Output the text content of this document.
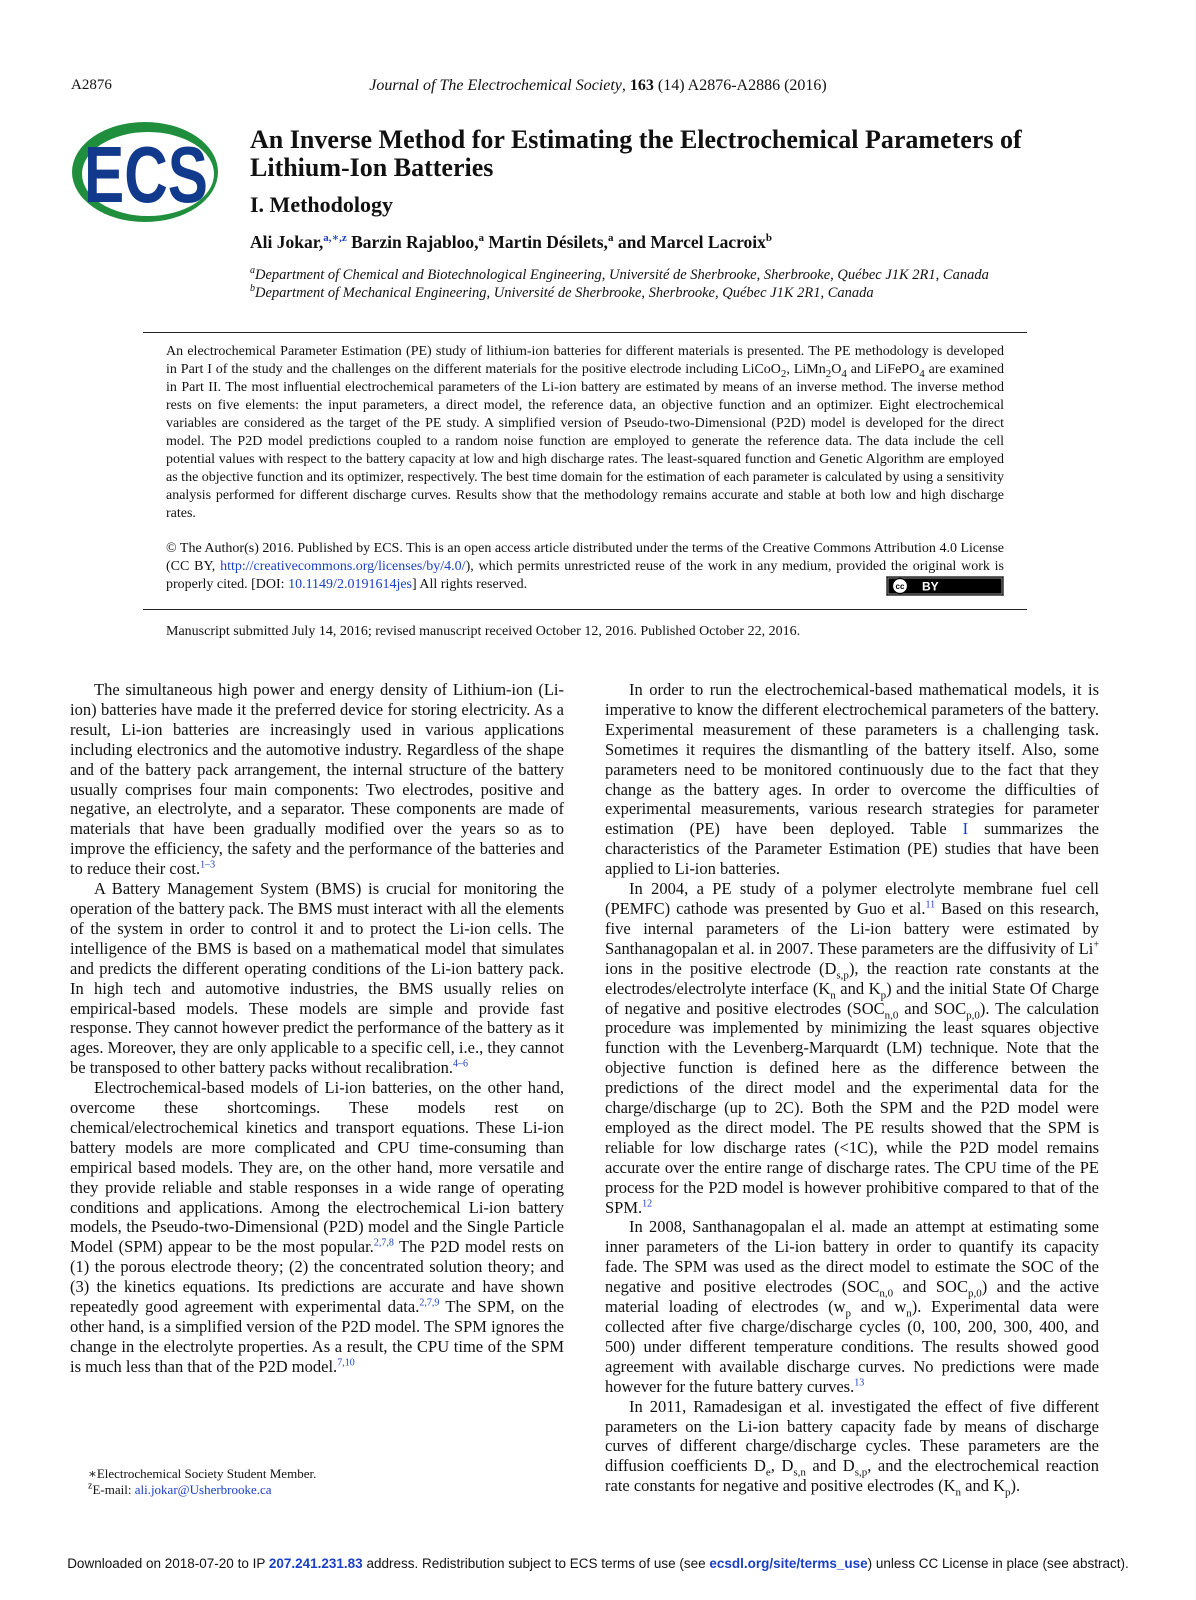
A2876	Journal of The Electrochemical Society, 163 (14) A2876-A2886 (2016)
ECS An Inverse Method for Estimating the Electrochemical Parameters of Lithium-Ion Batteries
I. Methodology
Ali Jokar,$^{a,∗,z}$ Barzin Rajabloo,$^a$ Martin Désilets,$^a$ and Marcel Lacroix$^b$
$^a$Department of Chemical and Biotechnological Engineering, Université de Sherbrooke, Sherbrooke, Québec J1K 2R1, Canada
$^b$Department of Mechanical Engineering, Université de Sherbrooke, Sherbrooke, Québec J1K 2R1, Canada

An electrochemical Parameter Estimation (PE) study of lithium-ion batteries for different materials is presented. The PE methodology is developed in Part I of the study and the challenges on the different materials for the positive electrode including LiCoO$_2$, $LiMn_2O_4$ and LiFePO$_4$ are examined in Part II. The most influential electrochemical parameters of the Li-ion battery are estimated by means of an inverse method. The inverse method rests on five elements: the input parameters, a direct model, the reference data, an objective function and an optimizer. Eight electrochemical variables are considered as the target of the PE study. A simplified version of Pseudo-two-Dimensional (P2D) model is developed for the direct model. The P2D model predictions coupled to a random noise function are employed to generate the reference data. The data include the cell potential values with respect to the battery capacity at low and high discharge rates. The least-squared function and Genetic Algorithm are employed as the objective function and its optimizer, respectively. The best time domain for the estimation of each parameter is calculated by using a sensitivity analysis performed for different discharge curves. Results show that the methodology remains accurate and stable at both low and high discharge rates.

© The Author(s) 2016. Published by ECS. This is an open access article distributed under the terms of the Creative Commons Attribution 4.0 License (CC BY, http://creativecommons.org/licenses/by/4.0/), which permits unrestricted reuse of the work in any medium, provided the original work is properly cited. [DOI: 10.1149/2.0191614jes] All rights reserved.	cc BY
Manuscript submitted July 14, 2016; revised manuscript received October 12, 2016. Published October 22, 2016.

The simultaneous high power and energy density of Lithium-ion (Li-ion) batteries have made it the preferred device for storing electricity. As a result, Li-ion batteries are increasingly used in various applications including electronics and the automotive industry. Regardless of the shape and of the battery pack arrangement, the internal structure of the battery usually comprises four main components: Two electrodes, positive and negative, an electrolyte, and a separator. These components are made of materials that have been gradually modified over the years so as to improve the efficiency, the safety and the performance of the batteries and to reduce their cost.$^{1-3}$

A Battery Management System (BMS) is crucial for monitoring the operation of the battery pack. The BMS must interact with all the elements of the system in order to control it and to protect the Li-ion cells. The intelligence of the BMS is based on a mathematical model that simulates and predicts the different operating conditions of the Li-ion battery pack. In high tech and automotive industries, the BMS usually relies on empirical-based models. These models are simple and provide fast response. They cannot however predict the performance of the battery as it ages. Moreover, they are only applicable to a specific cell, i.e., they cannot be transposed to other battery packs without recalibration.$^{4-6}$

Electrochemical-based models of Li-ion batteries, on the other hand, overcome these shortcomings. These models rest on chemical/electrochemical kinetics and transport equations. These Li-ion battery models are more complicated and CPU time-consuming than empirical based models. They are, on the other hand, more versatile and they provide reliable and stable responses in a wide range of operating conditions and applications. Among the electrochemical Li-ion battery models, the Pseudo-two-Dimensional (P2D) model and the Single Particle Model (SPM) appear to be the most popular.$^{2,7,8}$ The P2D model rests on (1) the porous electrode theory; (2) the concentrated solution theory; and (3) the kinetics equations. Its predictions are accurate and have shown repeatedly good agreement with experimental data.$^{2,7,9}$ The SPM, on the other hand, is a simplified version of the P2D model. The SPM ignores the change in the electrolyte properties. As a result, the CPU time of the SPM is much less than that of the P2D model.$^{7,10}$

In order to run the electrochemical-based mathematical models, it is imperative to know the different electrochemical parameters of the battery. Experimental measurement of these parameters is a challenging task. Sometimes it requires the dismantling of the battery itself. Also, some parameters need to be monitored continuously due to the fact that they change as the battery ages. In order to overcome the difficulties of experimental measurements, various research strategies for parameter estimation (PE) have been deployed. Table I summarizes the characteristics of the Parameter Estimation (PE) studies that have been applied to Li-ion batteries.

In 2004, a PE study of a polymer electrolyte membrane fuel cell (PEMFC) cathode was presented by Guo et al.$^{11}$ Based on this research, five internal parameters of the Li-ion battery were estimated by Santhanagopalan et al. in 2007. These parameters are the diffusivity of Li+ ions in the positive electrode $(D_{s,p})$, the reaction rate constants at the electrodes/electrolyte interface ($K_n$ and $K_p$) and the initial State Of Charge of negative and positive electrodes ($SOC_{n,0}$ and $SOC_{p,0}$). The calculation procedure was implemented by minimizing the least squares objective function with the Levenberg-Marquardt (LM) technique. Note that the objective function is defined here as the difference between the predictions of the direct model and the experimental data for the charge/discharge (up to 2C). Both the SPM and the P2D model were employed as the direct model. The PE results showed that the SPM is reliable for low discharge rates (<1C), while the P2D model remains accurate over the entire range of discharge rates. The CPU time of the PE process for the P2D model is however prohibitive compared to that of the SPM.$^{12}$

In 2008, Santhanagopalan el al. made an attempt at estimating some inner parameters of the Li-ion battery in order to quantify its capacity fade. The SPM was used as the direct model to estimate the SOC of the negative and positive electrodes ($SOC_{n,0}$ and $SOC_{p,0}$) and the active material loading of electrodes ($w_p$ and $w_n$). Experimental data were collected after five charge/discharge cycles (0, 100, 200, 300, 400, and 500) under different temperature conditions. The results showed good agreement with available discharge curves. No predictions were made however for the future battery curves.$^{13}$

In 2011, Ramadesigan et al. investigated the effect of five different parameters on the Li-ion battery capacity fade by means of discharge curves of different charge/discharge cycles. These parameters are the diffusion coefficients $D_e$, $D_{s,n}$ and $D_{s,p}$, and the electrochemical reaction rate constants for negative and positive electrodes ($K_n$ and $K_p$).

∗Electrochemical Society Student Member.
$^z$E-mail: ali.jokar@Usherbrooke.ca
Downloaded on 2018-07-20 to IP 207.241.231.83 address. Redistribution subject to ECS terms of use (see ecsdl.org/site/terms_use) unless CC License in place (see abstract).
